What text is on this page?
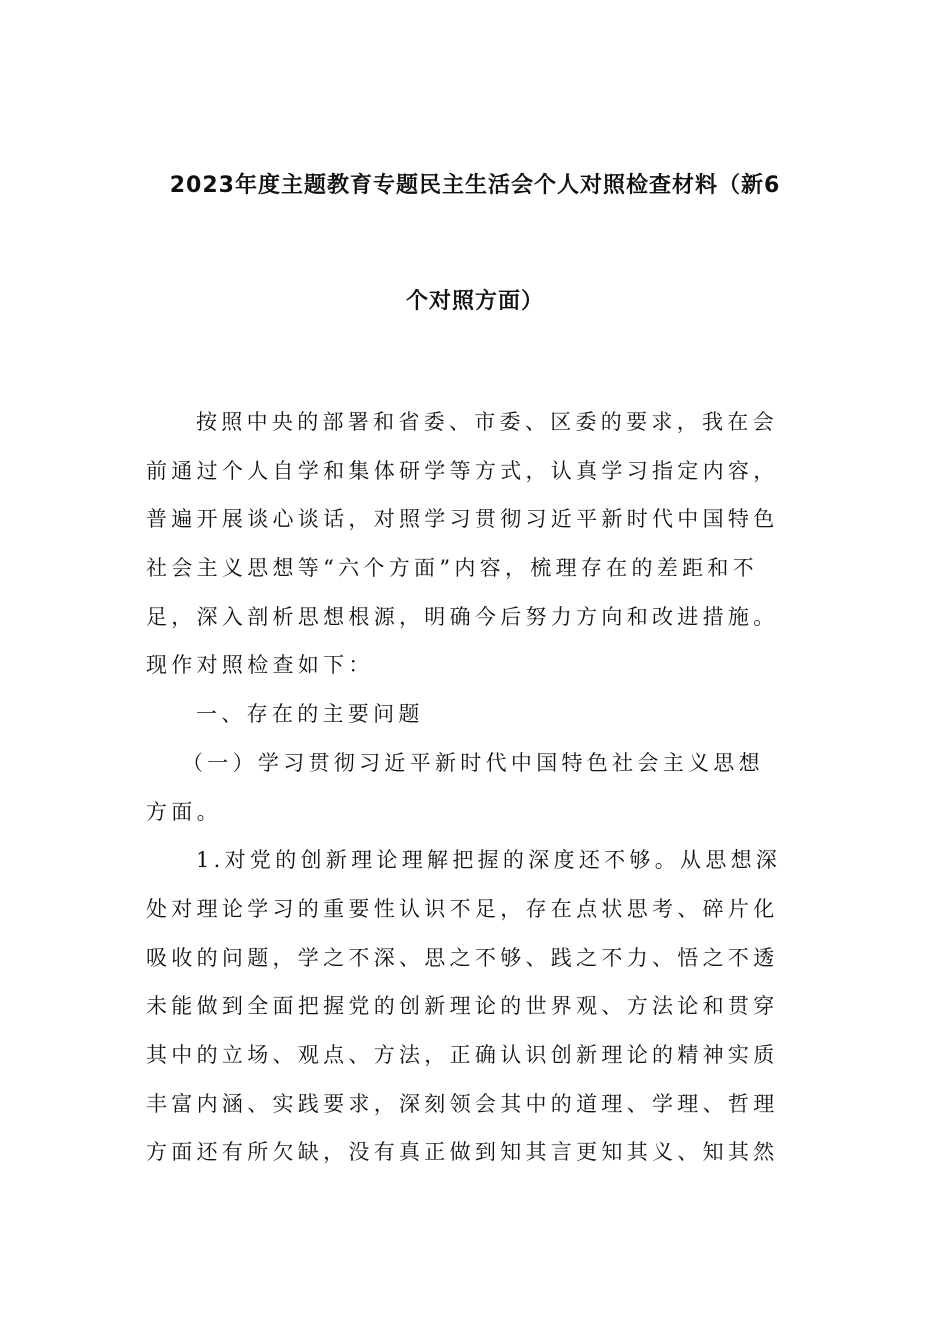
2023年度主题教育专题民主生活会个人对照检查材料（新6
个对照方面）
按照中央的部署和省委、市委、区委的要求，我在会
前通过个人自学和集体研学等方式，认真学习指定内容，
普遍开展谈心谈话，对照学习贯彻习近平新时代中国特色
社会主义思想等“六个方面”内容，梳理存在的差距和不
足，深入剖析思想根源，明确今后努力方向和改进措施。
现作对照检查如下：
一、存在的主要问题
（一）学习贯彻习近平新时代中国特色社会主义思想
方面。
1.对党的创新理论理解把握的深度还不够。从思想深
处对理论学习的重要性认识不足，存在点状思考、碎片化
吸收的问题，学之不深、思之不够、践之不力、悟之不透
未能做到全面把握党的创新理论的世界观、方法论和贯穿
其中的立场、观点、方法，正确认识创新理论的精神实质
丰富内涵、实践要求，深刻领会其中的道理、学理、哲理
方面还有所欠缺，没有真正做到知其言更知其义、知其然
